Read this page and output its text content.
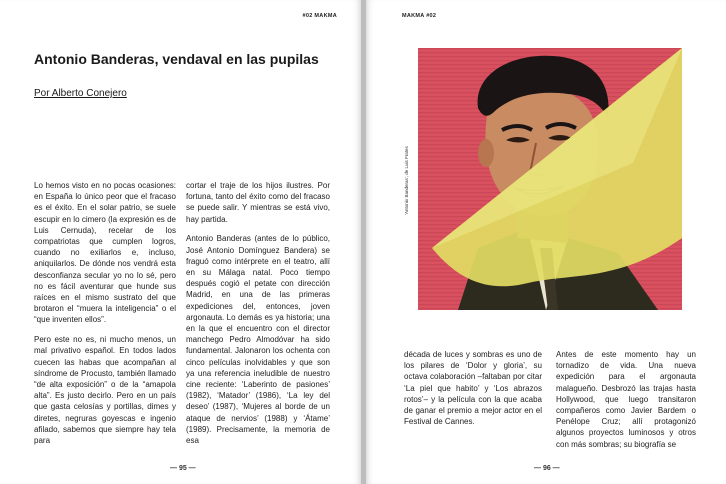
#02 MAKMA
Antonio Banderas, vendaval en las pupilas

Por Alberto Conejero

Lo hemos visto en no pocas ocasiones: en España lo único peor que el fracaso es el éxito. En el solar patrio, se suele escupir en lo cimero (la expresión es de Luis Cernuda), recelar de los compatriotas que cumplen logros, cuando no exiliarlos e, incluso, aniquilarlos. De dónde nos vendrá esta desconfianza secular yo no lo sé, pero no es fácil aventurar que hunde sus raíces en el mismo sustrato del que brotaron el “muera la inteligencia” o el “que inventen ellos”.

Pero este no es, ni mucho menos, un mal privativo español. En todos lados cuecen las habas que acompañan al síndrome de Procusto, también llamado “de alta exposición” o de la “amapola alta”. Es justo decirlo. Pero en un país que gasta celosías y portillas, dimes y diretes, negruras goyescas e ingenio afilado, sabemos que siempre hay tela para

cortar el traje de los hijos ilustres. Por fortuna, tanto del éxito como del fracaso se puede salir. Y mientras se está vivo, hay partida.

Antonio Banderas (antes de lo público, José Antonio Domínguez Bandera) se fraguó como intérprete en el teatro, allí en su Málaga natal. Poco tiempo después cogió el petate con dirección Madrid, en una de las primeras expediciones del, entonces, joven argonauta. Lo demás es ya historia; una en la que el encuentro con el director manchego Pedro Almodóvar ha sido fundamental. Jalonaron los ochenta con cinco películas inolvidables y que son ya una referencia ineludible de nuestro cine reciente: ‘Laberinto de pasiones’ (1982), ‘Matador’ (1986), ‘La ley del deseo’ (1987), ‘Mujeres al borde de un ataque de nervios’ (1988) y ‘Átame’ (1989). Precisamente, la memoria de esa

— 95 —
MAKMA #02
‘Antonio Banderas’, de Luis Frates

década de luces y sombras es uno de los pilares de ‘Dolor y gloria’, su octava colaboración –faltaban por citar ‘La piel que habito’ y ‘Los abrazos rotos’– y la película con la que acaba de ganar el premio a mejor actor en el Festival de Cannes.

Antes de este momento hay un tornadizo de vida. Una nueva expedición para el argonauta malagueño. Desbrozó las trajas hasta Hollywood, que luego transitaron compañeros como Javier Bardem o Penélope Cruz; allí protagonizó algunos proyectos luminosos y otros con más sombras; su biografía se

— 96 —
